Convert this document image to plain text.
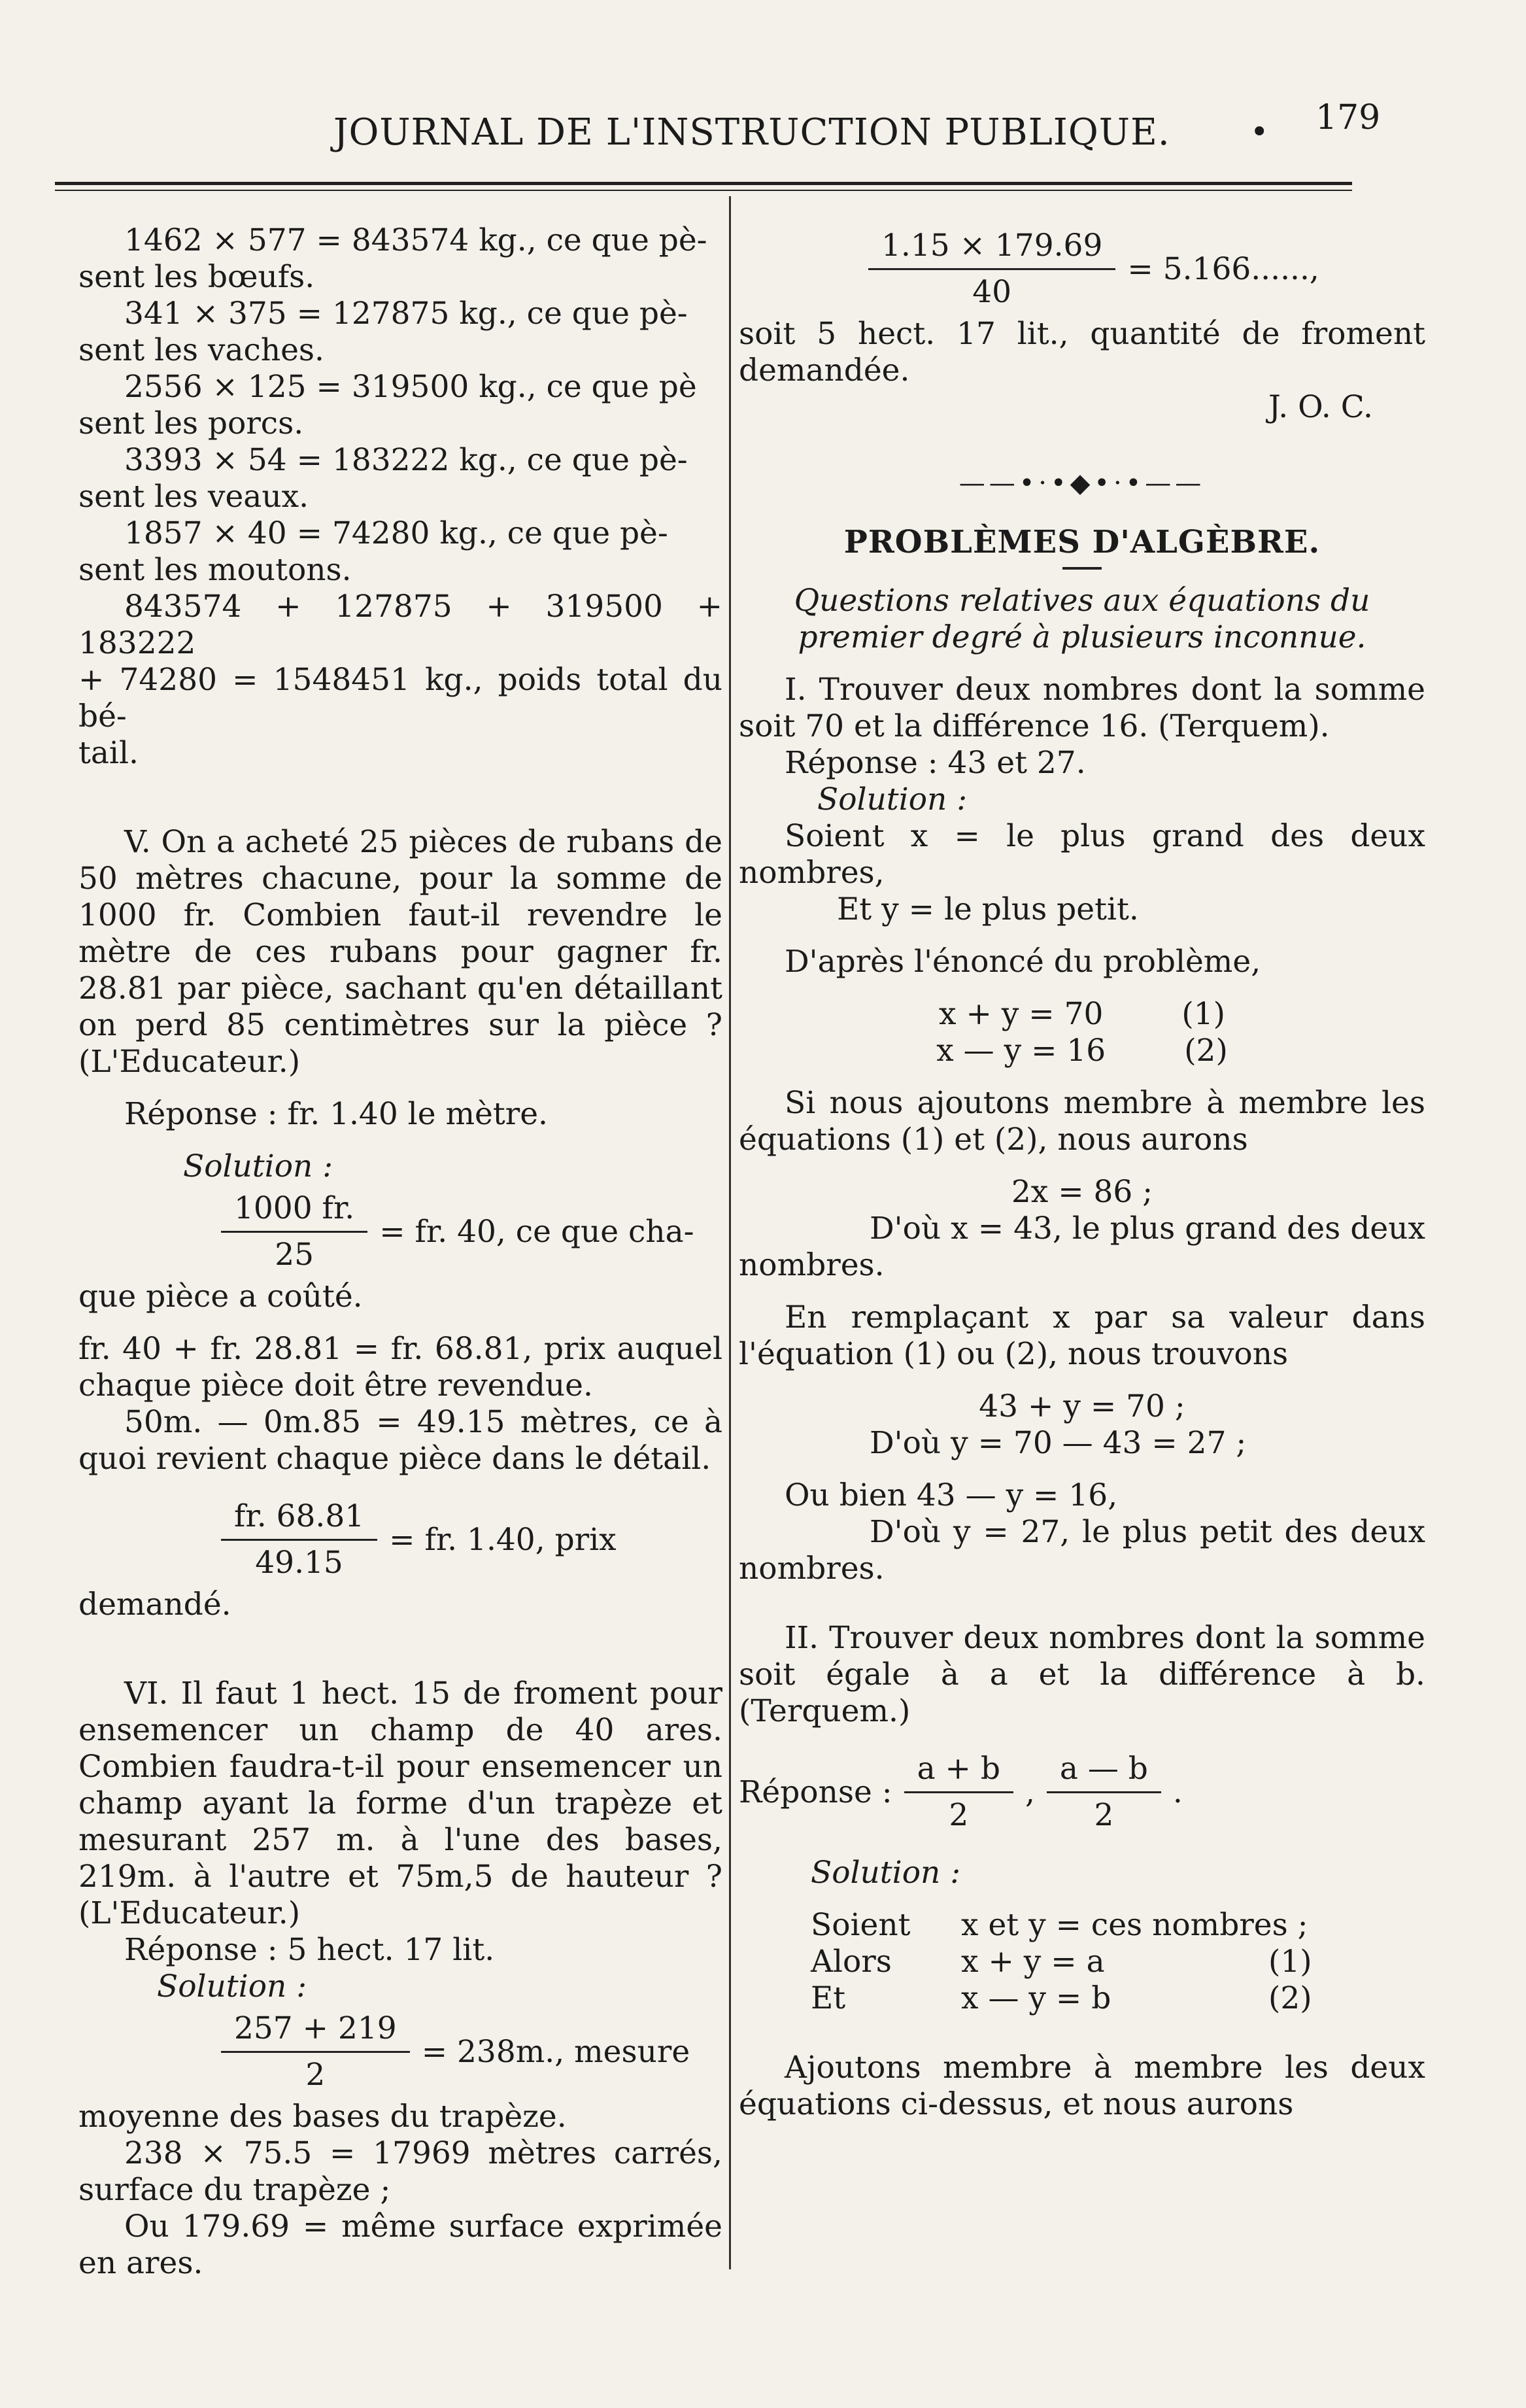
JOURNAL DE L'INSTRUCTION PUBLIQUE.	• 179

1462 × 577 = 843574 kg., ce que pè-

sent les bœufs.

341 × 375 = 127875 kg., ce que pè-

sent les vaches.

2556 × 125 = 319500 kg., ce que pè

sent les porcs.

3393 × 54 = 183222 kg., ce que pè-

sent les veaux.

1857 × 40 = 74280 kg., ce que pè-

sent les moutons.

843574 + 127875 + 319500 + 183222

+ 74280 = 1548451 kg., poids total du bé-

tail.

V. On a acheté 25 pièces de rubans de 50 mètres chacune, pour la somme de 1000 fr. Combien faut-il revendre le mètre de ces rubans pour gagner fr. 28.81 par pièce, sachant qu'en détaillant on perd 85 centimètres sur la pièce ? (L'Educateur.)

Réponse : fr. 1.40 le mètre.

Solution :

$\frac{1000 fr.}{25}$ = fr. 40, ce que cha-

que pièce a coûté.

fr. 40 + fr. 28.81 = fr. 68.81, prix auquel chaque pièce doit être revendue.

50m. — 0m.85 = 49.15 mètres, ce à quoi revient chaque pièce dans le détail.

$\frac{fr. 68.81}{49.15}$ = fr. 1.40, prix

demandé.

VI. Il faut 1 hect. 15 de froment pour ensemencer un champ de 40 ares. Combien faudra-t-il pour ensemencer un champ ayant la forme d'un trapèze et mesurant 257 m. à l'une des bases, 219m. à l'autre et 75m,5 de hauteur ? (L'Educateur.)

Réponse : 5 hect. 17 lit.

Solution :

$\frac{257 + 219}{2} = 238m$., mesure

moyenne des bases du trapèze.

238 × 75.5 = 17969 mètres carrés, surface du trapèze ;

Ou 179.69 = même surface exprimée en ares.

$\frac{1.15 \times 179.69}{40} = 5.166$......,

soit 5 hect. 17 lit., quantité de froment demandée.

J. O. C.

——•·•◆•·•——

PROBLÈMES D'ALGÈBRE.

Questions relatives aux équations du premier degré à plusieurs inconnue.

I. Trouver deux nombres dont la somme soit 70 et la différence 16. (Terquem).

Réponse : 43 et 27.

Solution :

Soient x = le plus grand des deux nombres,

Et y = le plus petit.

D'après l'énoncé du problème,

x + y = 70	(1)
x — y = 16	(2)

Si nous ajoutons membre à membre les équations (1) et (2), nous aurons

2x = 86 ;

D'où x = 43, le plus grand des deux nombres.

En remplaçant x par sa valeur dans l'équation (1) ou (2), nous trouvons

43 + y = 70 ;

D'où y = 70 — 43 = 27 ;

Ou bien 43 — y = 16,

D'où y = 27, le plus petit des deux nombres.

II. Trouver deux nombres dont la somme soit égale à a et la différence à b. (Terquem.)

Réponse : $\frac{a + b}{2}$ , $\frac{a — b}{2}$ .

Solution :

Soient	x et y = ces nombres ;
Alors	x + y = a	(1)
Et	x — y = b	(2)

Ajoutons membre à membre les deux équations ci-dessus, et nous aurons
